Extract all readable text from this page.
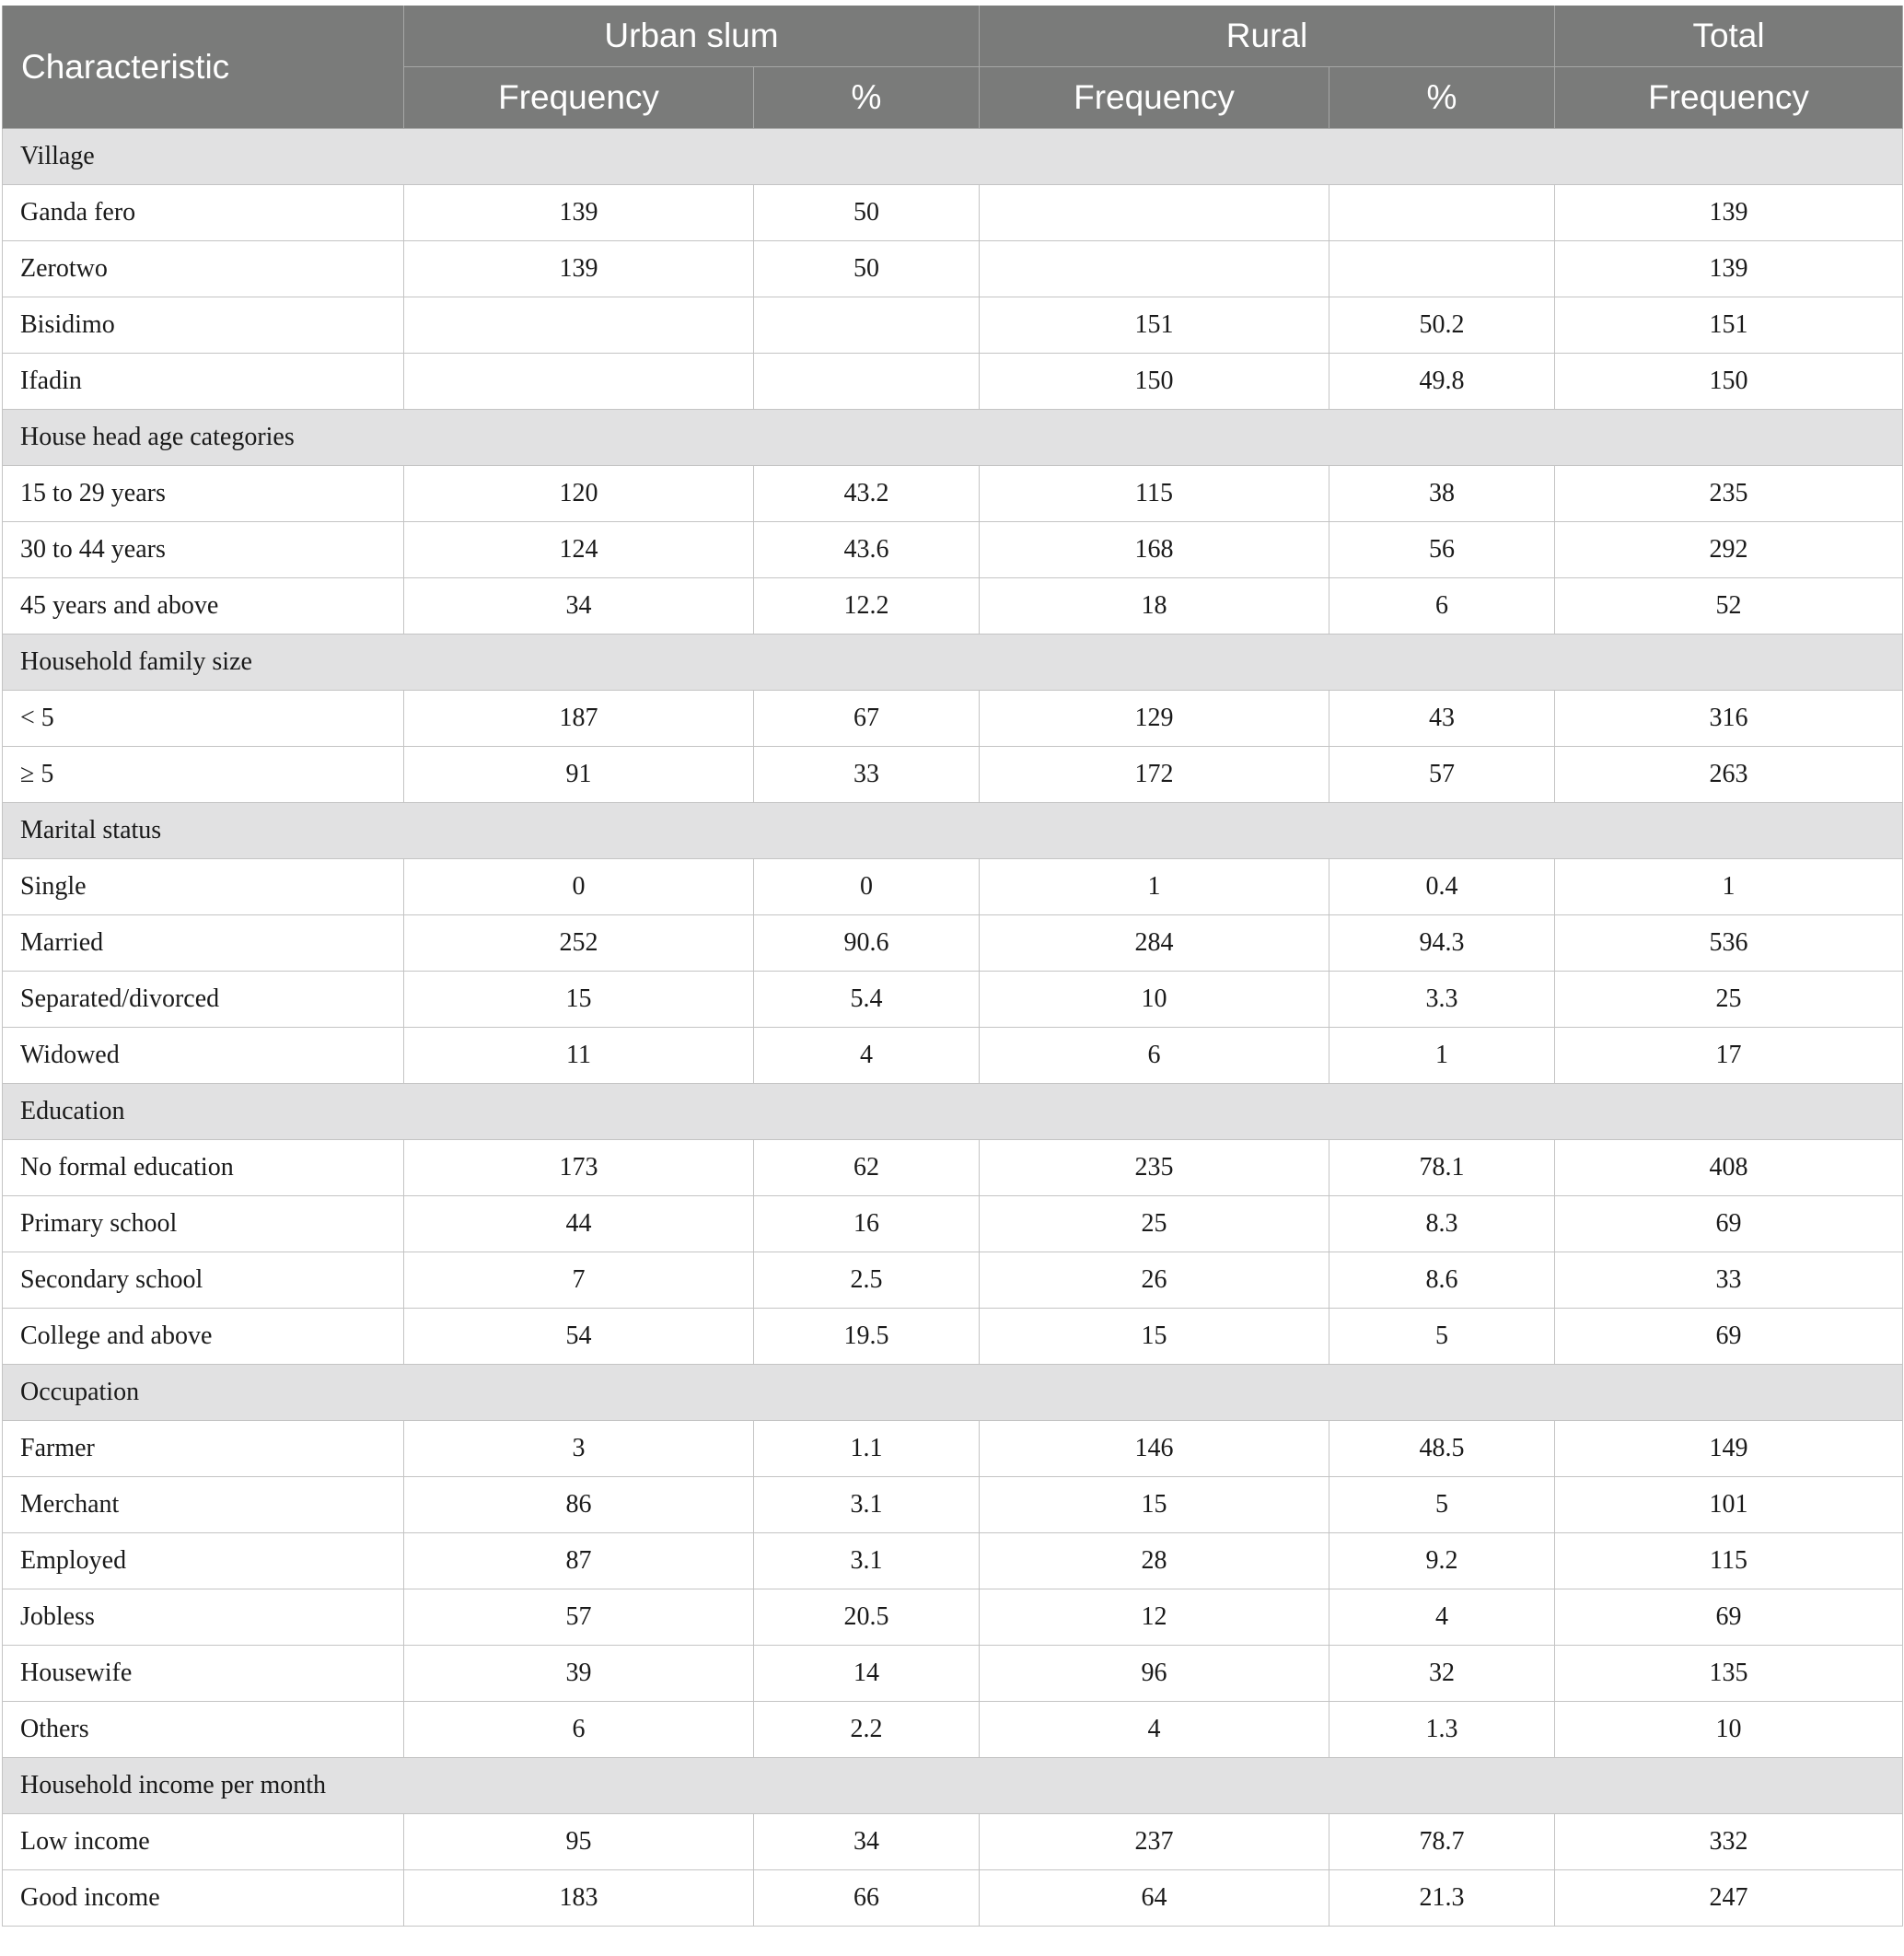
Characteristic	Urban slum		Rural		Total
	Frequency	%	Frequency	%	Frequency
Village					
Ganda fero	139	50			139
Zerotwo	139	50			139
Bisidimo			151	50.2	151
Ifadin			150	49.8	150
House head age categories					
15 to 29 years	120	43.2	115	38	235
30 to 44 years	124	43.6	168	56	292
45 years and above	34	12.2	18	6	52
Household family size					
< 5	187	67	129	43	316
≥ 5	91	33	172	57	263
Marital status					
Single	0	0	1	0.4	1
Married	252	90.6	284	94.3	536
Separated/divorced	15	5.4	10	3.3	25
Widowed	11	4	6	1	17
Education					
No formal education	173	62	235	78.1	408
Primary school	44	16	25	8.3	69
Secondary school	7	2.5	26	8.6	33
College and above	54	19.5	15	5	69
Occupation					
Farmer	3	1.1	146	48.5	149
Merchant	86	3.1	15	5	101
Employed	87	3.1	28	9.2	115
Jobless	57	20.5	12	4	69
Housewife	39	14	96	32	135
Others	6	2.2	4	1.3	10
Household income per month					
Low income	95	34	237	78.7	332
Good income	183	66	64	21.3	247
